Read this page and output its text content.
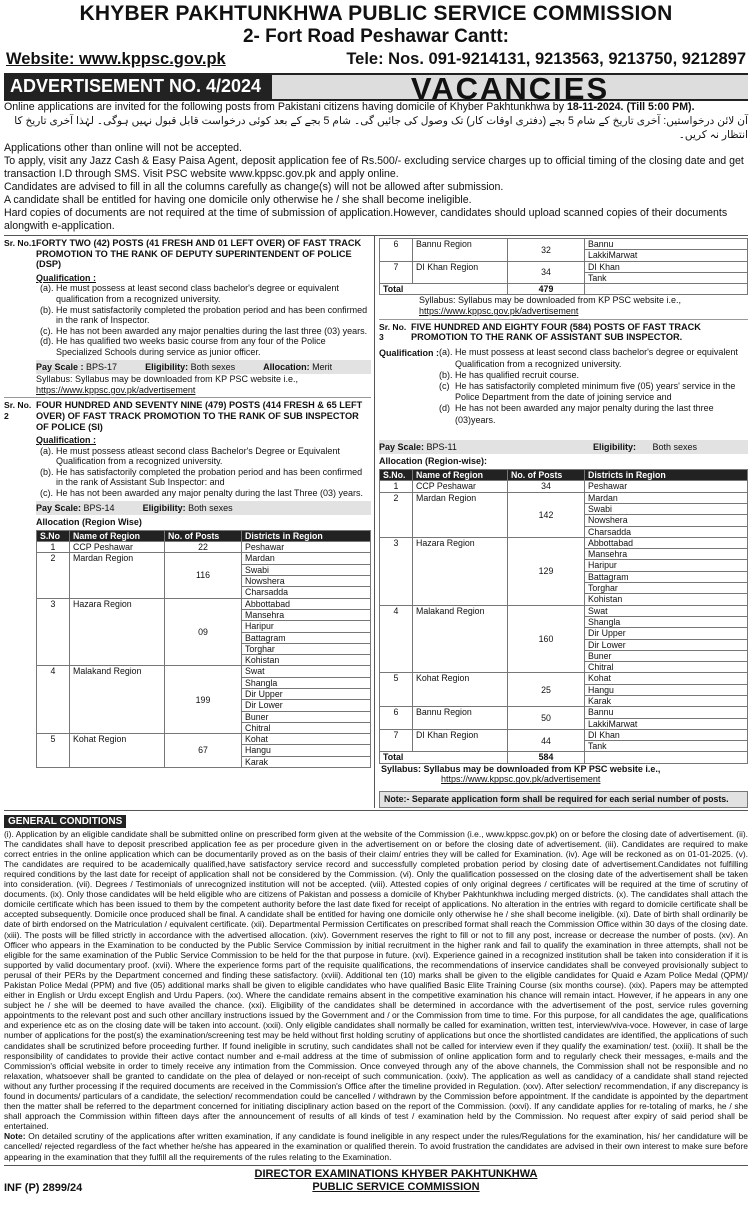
KHYBER PAKHTUNKHWA PUBLIC SERVICE COMMISSION
2- Fort Road Peshawar Cantt:
Website: www.kppsc.gov.pk	Tele: Nos. 091-9214131, 9213563, 9213750, 9212897
ADVERTISEMENT NO. 4/2024	VACANCIES
Online applications are invited for the following posts from Pakistani citizens having domicile of Khyber Pakhtunkhwa by 18-11-2024. (Till 5:00 PM).
آن لائن درخواستیں: آخری تاریخ کے شام 5 بجے (دفتری اوقات کار) تک وصول کی جائیں گی۔ شام 5 بجے کے بعد کوئی درخواست قابل قبول نہیں ہوگی۔ لہٰذا آخری تاریخ کا انتظار نہ کریں۔
Applications other than online will not be accepted.
To apply, visit any Jazz Cash & Easy Paisa Agent, deposit application fee of Rs.500/- excluding service charges up to official timing of the closing date and get transaction I.D through SMS. Visit PSC website www.kppsc.gov.pk and apply online.
Candidates are advised to fill in all the columns carefully as change(s) will not be allowed after submission.
A candidate shall be entitled for having one domicile only otherwise he / she shall become ineligible.
Hard copies of documents are not required at the time of submission of application.However, candidates should upload scanned copies of their documents alongwith e-application.
Sr. No.1 FORTY TWO (42) POSTS (41 FRESH AND 01 LEFT OVER) OF FAST TRACK PROMOTION TO THE RANK OF DEPUTY SUPERINTENDENT OF POLICE (DSP)
Qualification :
(a). He must possess at least second class bachelor's degree or equivalent qualification from a recognized university.
(b). He must satisfactorily completed the probation period and has been confirmed in the rank of Inspector.
(c). He has not been awarded any major penalties during the last three (03) years.
(d). He has qualified two weeks basic course from any four of the Police Specialized Schools during service as junior officer.
Pay Scale : BPS-17	Eligibility: Both sexes	Allocation: Merit
Syllabus: Syllabus may be downloaded from KP PSC website i.e.,
https://www.kppsc.gov.pk/advertisement
Sr. No. 2
FOUR HUNDRED AND SEVENTY NINE (479) POSTS (414 FRESH & 65 LEFT OVER) OF FAST TRACK PROMOTION TO THE RANK OF SUB INSPECTOR OF POLICE (SI)
Qualification :
(a). He must possess atleast second class Bachelor's Degree or Equivalent Qualification from a recognized university.
(b). He has satisfactorily completed the probation period and has been confirmed in the rank of Assistant Sub Inspector: and
(c). He has not been awarded any major penalty during the last Three (03) years.
Pay Scale: BPS-14	Eligibility: Both sexes
Allocation (Region Wise)
S.No	Name of Region	No. of Posts	Districts in Region
1	CCP Peshawar	22	Peshawar
2	Mardan Region	116	Mardan
			Swabi
			Nowshera
			Charsadda
3	Hazara Region	09	Abbottabad
			Mansehra
			Haripur
			Battagram
			Torghar
			Kohistan
4	Malakand Region	199	Swat
			Shangla
			Dir Upper
			Dir Lower
			Buner
			Chitral
5	Kohat Region	67	Kohat
			Hangu
			Karak
6	Bannu Region	32	Bannu
			LakkiMarwat
7	DI Khan Region	34	DI Khan
			Tank
Total		479	
Syllabus: Syllabus may be downloaded from KP PSC website i.e.,
https://www.kppsc.gov.pk/advertisement
Sr. No. 3
FIVE HUNDRED AND EIGHTY FOUR (584) POSTS OF FAST TRACK PROMOTION TO THE RANK OF ASSISTANT SUB INSPECTOR.
Qualification : (a). He must possess at least second class bachelor's degree or equivalent Qualification from a recognized university.
(b). He has qualified recruit course.
(c) He has satisfactorily completed minimum five (05) years' service in the Police Department from the date of joining service and
(d) He has not been awarded any major penalty during the last three (03)years.
Pay Scale: BPS-11	Eligibility: Both sexes
Allocation (Region-wise):
S.No.	Name of Region	No. of Posts	Districts in Region
1	CCP Peshawar	34	Peshawar
2	Mardan Region	142	Mardan
			Swabi
			Nowshera
			Charsadda
3	Hazara Region	129	Abbottabad
			Mansehra
			Haripur
			Battagram
			Torghar
			Kohistan
4	Malakand Region	160	Swat
			Shangla
			Dir Upper
			Dir Lower
			Buner
			Chitral
5	Kohat Region	25	Kohat
			Hangu
			Karak
6	Bannu Region	50	Bannu
			LakkiMarwat
7	DI Khan Region	44	DI Khan
			Tank
Total		584	
Syllabus: Syllabus may be downloaded from KP PSC website i.e.,
https://www.kppsc.gov.pk/advertisement
Note:- Separate application form shall be required for each serial number of posts.
GENERAL CONDITIONS
(i). Application by an eligible candidate shall be submitted online on prescribed form given at the website of the Commission (i.e., www.kppsc.gov.pk) on or before the closing date of advertisement. (ii). The candidates shall have to deposit prescribed application fee as per procedure given in the advertisement on or before the closing date of advertisement. (iii). Candidates are required to make correct entries in the online application which can be documentarily proved as on the basis of their claim/ entries they will be called for Examination. (iv). Age will be reckoned as on 01-01-2025. (v). The candidates are required to be academically qualified,have satisfactory service record and successfully completed probation period by closing date of advertisement.Candidates not fulfilling required conditions by the last date for receipt of application shall not be considered by the Commission. (vi). Only the qualification possessed on the closing date of the advertisement shall be taken into consideration. (vii). Degrees / Testimonials of unrecognized institution will not be accepted. (viii). Attested copies of only original degrees / certificates will be required at the time of scrutiny of documents. (ix). Only those candidates will be held eligible who are citizens of Pakistan and possess a domicile of Khyber Pakhtunkhwa including merged districts. (x). The candidates shall attach the domicile certificate which has been issued to them by the competent authority before the last date fixed for receipt of applications. No alteration in the entries with regard to domicile certificate shall be accepted subsequently. Domicile once produced shall be final. A candidate shall be entitled for having one domicile only otherwise he / she shall become ineligible. (xi). Date of birth shall ordinarily be date of birth endorsed on the Matriculation / equivalent certificate. (xii). Departmental Permission Certificates on prescribed format shall reach the Commission Office within 30 days of the closing date. (xiii). The posts will be filled strictly in accordance with the advertised allocation. (xiv). Government reserves the right to fill or not to fill any post, increase or decrease the number of posts. (xv). An Officer who appears in the Examination to be conducted by the Public Service Commission by initial recruitment in the higher rank and fail to qualify the examination in three attempts, shall not be eligible for the same examination of the Public Service Commission to be held for the that purpose in future. (xvi). Experience gained in a recognized institution shall be taken into consideration if it is supported by valid documentary proof. (xvii). Where the experience forms part of the requisite qualifications, the recommendations of inservice candidates shall be conveyed provisionally subject to perusal of their PERs by the Department concerned and finding these satisfactory. (xviii). Additional ten (10) marks shall be given to the eligible candidates for Quaid e Azam Police Medal (QPM)/ Pakistan Police Medal (PPM) and five (05) additional marks shall be given to eligible candidates who have qualified Basic Elite Training Course (six months course). (xix). Papers may be attempted either in English or Urdu except English and Urdu Papers. (xx). Where the candidate remains absent in the competitive examination his chance will remain intact. However, if he appears in any one subject he / she will be deemed to have availed the chance. (xxi). Eligibility of the candidates shall be determined in accordance with the advertisement of the post, service rules governing appointments to the relevant post and such other ancillary instructions issued by the Government and / or the Commission from time to time. For this purpose, for all candidates the age, qualifications and experience etc as on the closing date will be taken into account. (xxii). Only eligible candidates shall normally be called for examination, written test, interview/viva-voce. However, in case of large number of applications for the post(s) the examination/screening test may be held without first holding scrutiny of applications but once the shortlisted candidates are identified, the applications of such candidates shall be scrutinized before proceeding further. If found ineligible in scrutiny, such candidates shall not be called for interview even if they qualify the examination/ test. (xxiii). It shall be the responsibility of candidates to provide their active contact number and e-mail address at the time of submission of online application form and to regularly check their messages, e-mails and the Commission's official website in order to timely receive any intimation from the Commission. Once conveyed through any of the above channels, the Commission shall not be responsible and no relaxation, whatsoever shall be granted to candidate on the plea of delayed or non-receipt of such communication. (xxiv). The application as well as candidacy of a candidate shall stand rejected without any further processing if the required documents are received in the Commission's Office after the timeline provided in Regulation. (xxv). After selection/ recommendation, if any discrepancy is found in documents/ particulars of a candidate, the selection/ recommendation could be cancelled / withdrawn by the Commission before appointment. If the candidate is appointed by the department then the matter shall be referred to the department concerned for initiating disciplinary action based on the report of the Commission. (xxvi). If any candidate applies for re-totaling of marks, he / she shall approach the Commission within fifteen days after the announcement of results of all kinds of test / examination held by the Commission. No request after expiry of said period shall be entertained.
Note: On detailed scrutiny of the applications after written examination, if any candidate is found ineligible in any respect under the rules/Regulations for the examination, his/ her candidature will be cancelled/ rejected regardless of the fact whether he/she has appeared in the examination or qualified therein. To avoid frustration the candidates are advised in their own interest to make sure before appearing in the examination that they fulfill all the requirements of the rules relating to the Examination.
INF (P) 2899/24
DIRECTOR EXAMINATIONS KHYBER PAKHTUNKHWA
PUBLIC SERVICE COMMISSION
